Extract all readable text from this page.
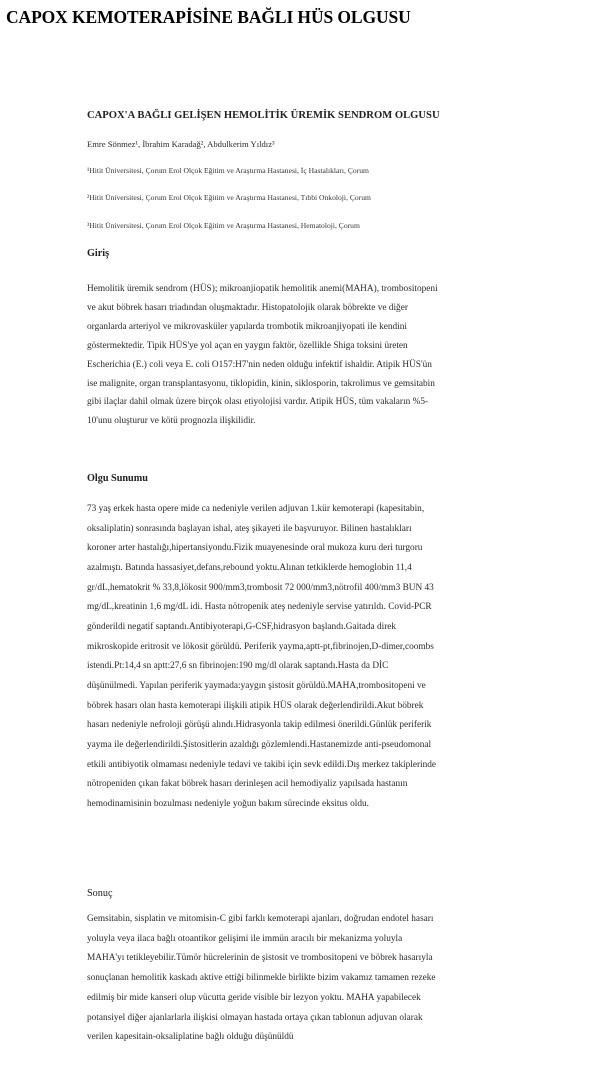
CAPOX KEMOTERAPİSİNE BAĞLI HÜS OLGUSU
CAPOX'A BAĞLI GELİŞEN HEMOLİTİK ÜREMİK SENDROM OLGUSU
Emre Sönmez¹, İbrahim Karadağ², Abdulkerim Yıldız³
¹Hitit Üniversitesi, Çorum Erol Olçok Eğitim ve Araştırma Hastanesi, İç Hastalıkları, Çorum
²Hitit Üniversitesi, Çorum Erol Olçok Eğitim ve Araştırma Hastanesi, Tıbbi Onkoloji, Çorum
³Hitit Üniversitesi, Çorum Erol Olçok Eğitim ve Araştırma Hastanesi, Hematoloji, Çorum
Giriş
Hemolitik üremik sendrom (HÜS); mikroanjiopatik hemolitik anemi(MAHA), trombositopeni
ve akut böbrek hasarı triadından oluşmaktadır. Histopatolojik olarak böbrekte ve diğer
organlarda arteriyol ve mikrovasküler yapılarda trombotik mikroanjiyopati ile kendini
göstermektedir. Tipik HÜS'ye yol açan en yaygın faktör, özellikle Shiga toksini üreten
Escherichia (E.) coli veya E. coli O157:H7'nin neden olduğu infektif ishaldir. Atipik HÜS'ün
ise malignite, organ transplantasyonu, tiklopidin, kinin, siklosporin, takrolimus ve gemsitabin
gibi ilaçlar dahil olmak üzere birçok olası etiyolojisi vardır. Atipik HÜS, tüm vakaların %5-
10'unu oluşturur ve kötü prognozla ilişkilidir.
Olgu Sunumu
73 yaş erkek hasta opere mide ca nedeniyle verilen adjuvan 1.kür kemoterapi (kapesitabin,
oksaliplatin) sonrasında başlayan ishal, ateş şikayeti ile başvuruyor. Bilinen hastalıkları
koroner arter hastalığı,hipertansiyondu.Fizik muayenesinde oral mukoza kuru deri turgoru
azalmıştı. Batında hassasiyet,defans,rebound yoktu.Alınan tetkiklerde hemoglobin 11,4
gr/dL,hematokrit % 33,8,lökosit 900/mm3,trombosit 72 000/mm3,nötrofil 400/mm3 BUN 43
mg/dL,kreatinin 1,6 mg/dL idi. Hasta nötropenik ateş nedeniyle servise yatırıldı. Covid-PCR
gönderildi negatif saptandı.Antibiyoterapi,G-CSF,hidrasyon başlandı.Gaitada direk
mikroskopide eritrosit ve lökosit görüldü. Periferik yayma,aptt-pt,fibrinojen,D-dimer,coombs
istendi.Pt:14,4 sn aptt:27,6 sn fibrinojen:190 mg/dl olarak saptandı.Hasta da DİC
düşünülmedi. Yapılan periferik yaymada:yaygın şistosit görüldü.MAHA,trombositopeni ve
böbrek hasarı olan hasta kemoterapi ilişkili atipik HÜS olarak değerlendirildi.Akut böbrek
hasarı nedeniyle nefroloji görüşü alındı.Hidrasyonla takip edilmesi önerildi.Günlük periferik
yayma ile değerlendirildi.Şistositlerin azaldığı gözlemlendi.Hastanemizde anti-pseudomonal
etkili antibiyotik olmaması nedeniyle tedavi ve takibi için sevk edildi.Dış merkez takiplerinde
nötropeniden çıkan fakat böbrek hasarı derinleşen acil hemodiyaliz yapılsada hastanın
hemodinamisinin bozulması nedeniyle yoğun bakım sürecinde eksitus oldu.
Sonuç
Gemsitabin, sisplatin ve mitomisin-C gibi farklı kemoterapi ajanları, doğrudan endotel hasarı
yoluyla veya ilaca bağlı otoantikor gelişimi ile immün aracılı bir mekanizma yoluyla
MAHA'yı tetikleyebilir.Tümör hücrelerinin de şistosit ve trombositopeni ve böbrek hasarıyla
sonuçlanan hemolitik kaskadı aktive ettiği bilinmekle birlikte bizim vakamız tamamen rezeke
edilmiş bir mide kanseri olup vücutta geride visible bir lezyon yoktu. MAHA yapabilecek
potansiyel diğer ajanlarlarla ilişkisi olmayan hastada ortaya çıkan tablonun adjuvan olarak
verilen kapesitain-oksaliplatine bağlı olduğu düşünüldü
